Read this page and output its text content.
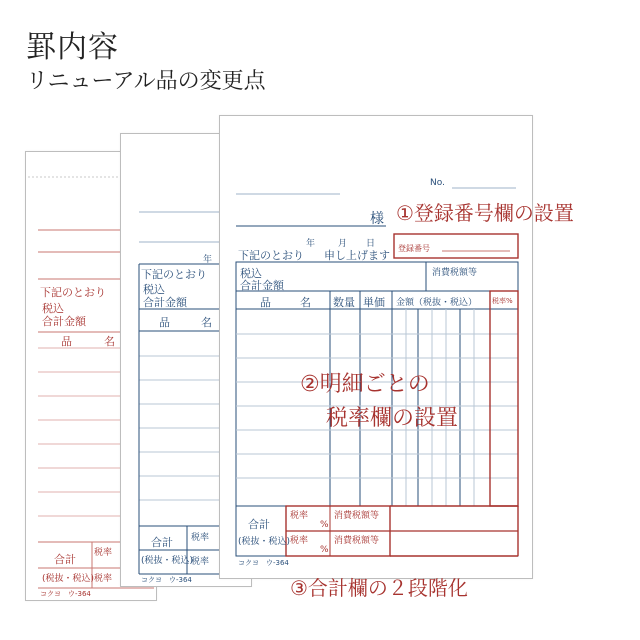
罫内容
リニューアル品の変更点
下記のとおり
税込
合計金額
品	名
合計
(税抜・税込)
税率
税率
コクヨ　ウ-364
年
下記のとおり
税込
合計金額
品	名
合計
(税抜・税込)
税率
税率
コクヨ　ウ-364
No.
様
年	月 日
下記のとおり 申し上げます
登録番号
税込
合計金額
消費税額等
品	名 数量 単価 金額（税抜・税込） 税率%
合計
(税抜・税込)
税率
%
消費税額等
税率
%
消費税額等
コクヨ　ウ-364
①登録番号欄の設置
②明細ごとの
税率欄の設置
③合計欄の２段階化
